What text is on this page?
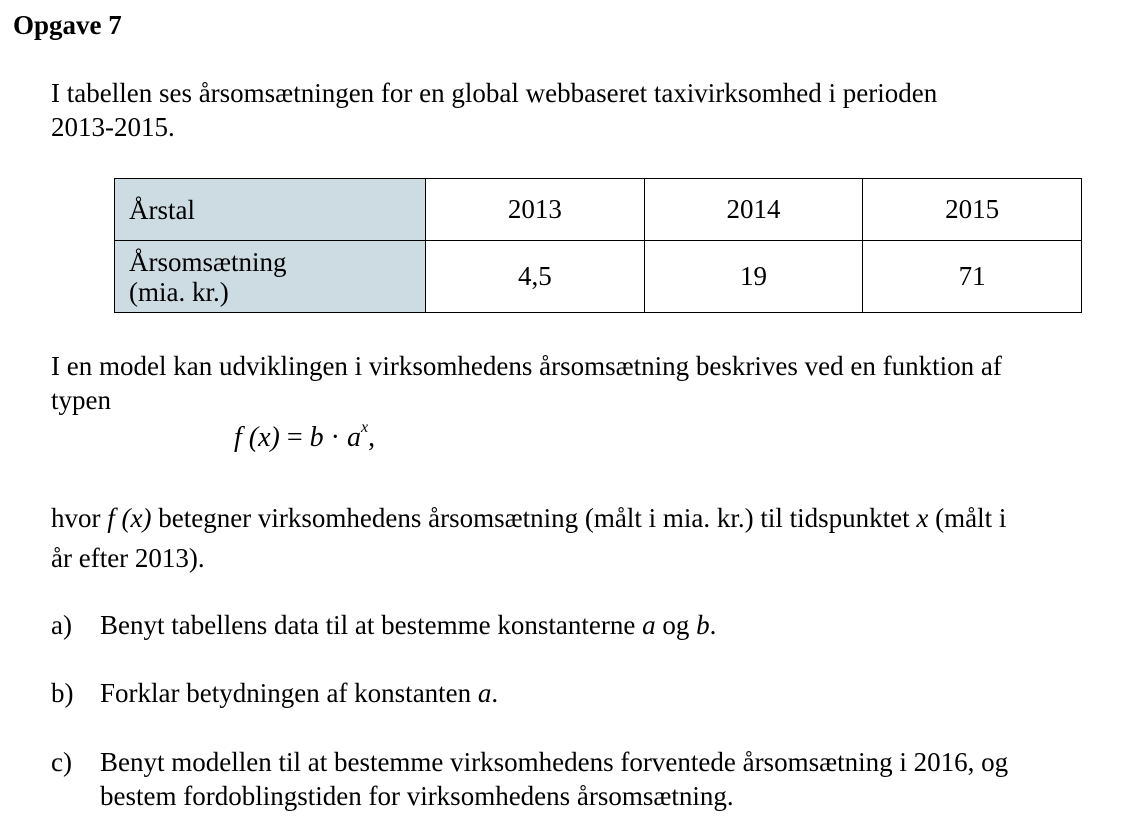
Opgave 7
I tabellen ses årsomsætningen for en global webbaseret taxivirksomhed i perioden
2013-2015.
Årstal	2013	2014	2015

Årsomsætning
(mia. kr.)	4,5	19	71
I en model kan udviklingen i virksomhedens årsomsætning beskrives ved en funktion af
typen
f $(x) = b \cdot a^x$,
hvor f (x) betegner virksomhedens årsomsætning (målt i mia. kr.) til tidspunktet x (målt i
år efter 2013).
a) Benyt tabellens data til at bestemme konstanterne a og b.
b) Forklar betydningen af konstanten a.
c) Benyt modellen til at bestemme virksomhedens forventede årsomsætning i 2016, og
bestem fordoblingstiden for virksomhedens årsomsætning.
